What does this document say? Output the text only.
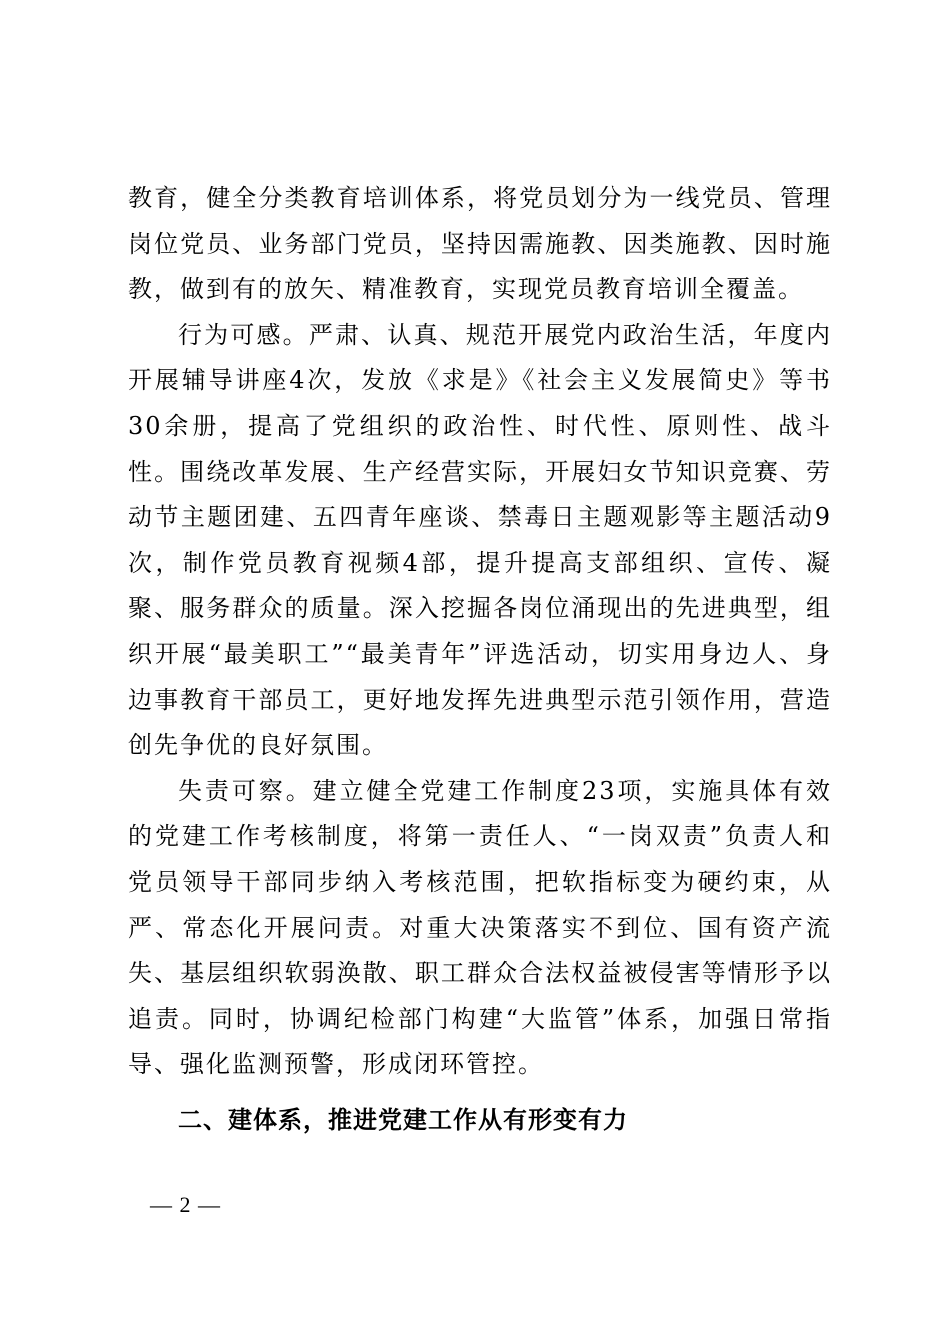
教育，健全分类教育培训体系，将党员划分为一线党员、管理岗位党员、业务部门党员，坚持因需施教、因类施教、因时施教，做到有的放矢、精准教育，实现党员教育培训全覆盖。

行为可感。严肃、认真、规范开展党内政治生活，年度内开展辅导讲座4次，发放《求是》《社会主义发展简史》等书30余册，提高了党组织的政治性、时代性、原则性、战斗性。围绕改革发展、生产经营实际，开展妇女节知识竞赛、劳动节主题团建、五四青年座谈、禁毒日主题观影等主题活动9次，制作党员教育视频4部，提升提高支部组织、宣传、凝聚、服务群众的质量。深入挖掘各岗位涌现出的先进典型，组织开展“最美职工”“最美青年”评选活动，切实用身边人、身边事教育干部员工，更好地发挥先进典型示范引领作用，营造创先争优的良好氛围。

失责可察。建立健全党建工作制度23项，实施具体有效的党建工作考核制度，将第一责任人、“一岗双责”负责人和党员领导干部同步纳入考核范围，把软指标变为硬约束，从严、常态化开展问责。对重大决策落实不到位、国有资产流失、基层组织软弱涣散、职工群众合法权益被侵害等情形予以追责。同时，协调纪检部门构建“大监管”体系，加强日常指导、强化监测预警，形成闭环管控。

二、建体系，推进党建工作从有形变有力

— 2 —
